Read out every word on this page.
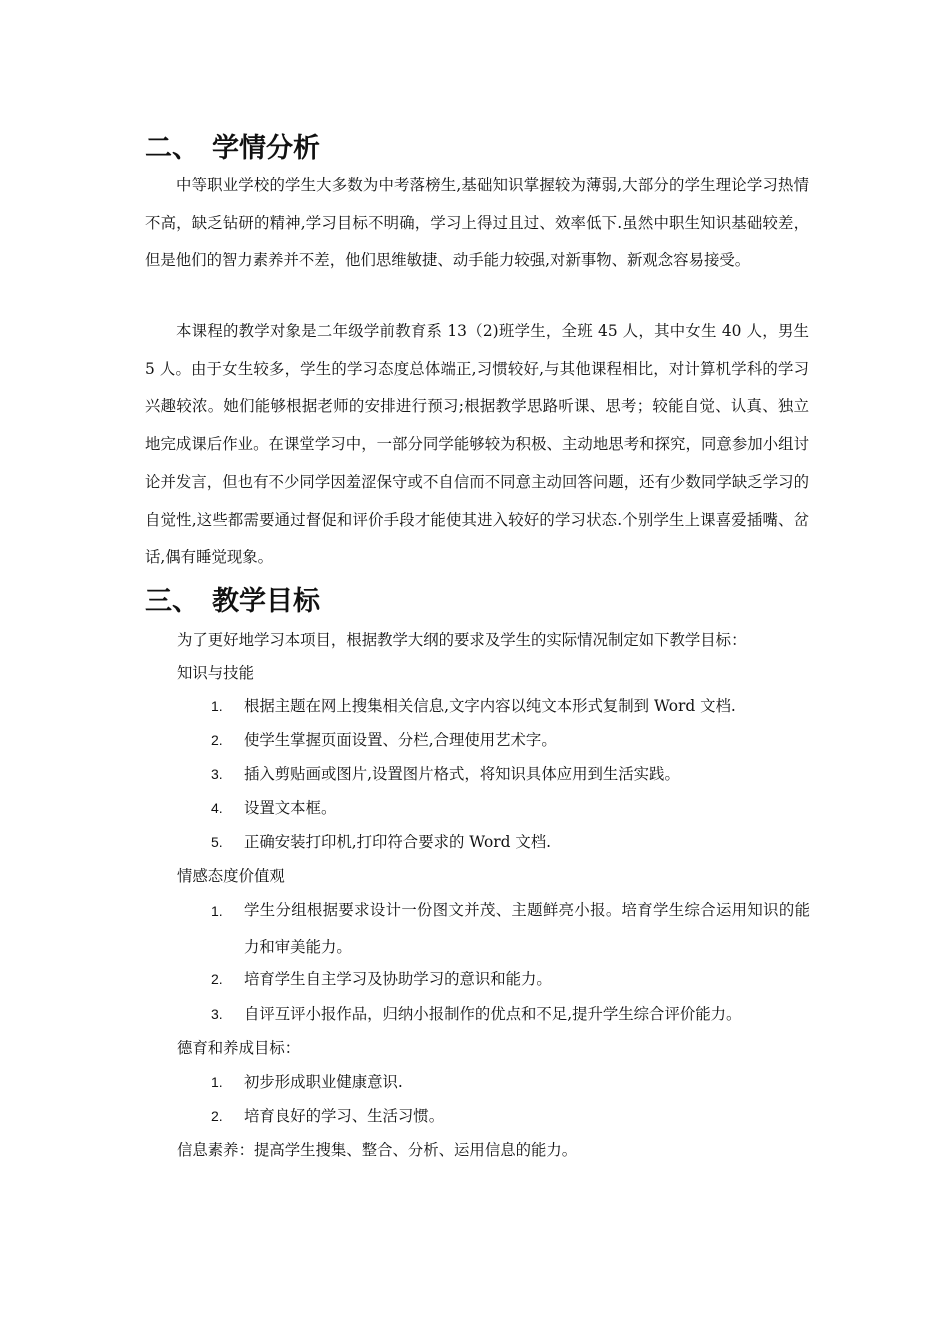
二、 学情分析

中等职业学校的学生大多数为中考落榜生,基础知识掌握较为薄弱,大部分的学生理论学习热情不高，缺乏钻研的精神,学习目标不明确，学习上得过且过、效率低下.虽然中职生知识基础较差，但是他们的智力素养并不差，他们思维敏捷、动手能力较强,对新事物、新观念容易接受。

本课程的教学对象是二年级学前教育系 13（2)班学生，全班 45 人，其中女生 40 人，男生 5 人。由于女生较多，学生的学习态度总体端正,习惯较好,与其他课程相比，对计算机学科的学习兴趣较浓。她们能够根据老师的安排进行预习;根据教学思路听课、思考；较能自觉、认真、独立地完成课后作业。在课堂学习中，一部分同学能够较为积极、主动地思考和探究，同意参加小组讨论并发言，但也有不少同学因羞涩保守或不自信而不同意主动回答问题，还有少数同学缺乏学习的自觉性,这些都需要通过督促和评价手段才能使其进入较好的学习状态.个别学生上课喜爱插嘴、岔话,偶有睡觉现象。

三、 教学目标
为了更好地学习本项目，根据教学大纲的要求及学生的实际情况制定如下教学目标：
知识与技能
1. 根据主题在网上搜集相关信息,文字内容以纯文本形式复制到 Word 文档.
2. 使学生掌握页面设置、分栏,合理使用艺术字。
3. 插入剪贴画或图片,设置图片格式，将知识具体应用到生活实践。
4. 设置文本框。
5. 正确安装打印机,打印符合要求的 Word 文档.
情感态度价值观
1. 学生分组根据要求设计一份图文并茂、主题鲜亮小报。培育学生综合运用知识的能力和审美能力。

2. 培育学生自主学习及协助学习的意识和能力。
3. 自评互评小报作品，归纳小报制作的优点和不足,提升学生综合评价能力。
德育和养成目标：
1. 初步形成职业健康意识.
2. 培育良好的学习、生活习惯。
信息素养：提高学生搜集、整合、分析、运用信息的能力。
